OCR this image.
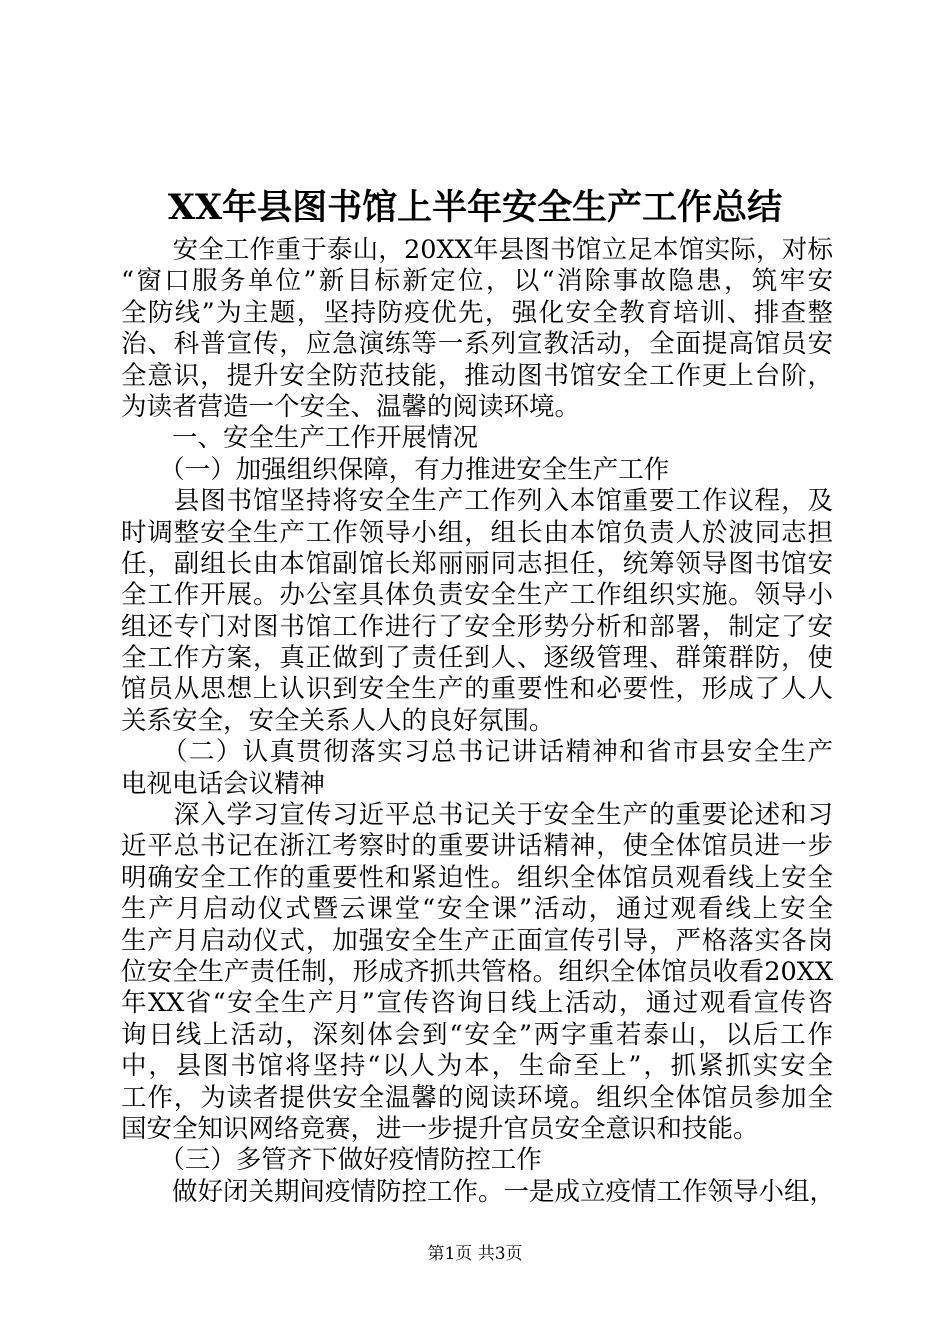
XX年县图书馆上半年安全生产工作总结
　　安全工作重于泰山，20XX年县图书馆立足本馆实际，对标
“窗口服务单位”新目标新定位，以“消除事故隐患，筑牢安
全防线”为主题，坚持防疫优先，强化安全教育培训、排查整
治、科普宣传，应急演练等一系列宣教活动，全面提高馆员安
全意识，提升安全防范技能，推动图书馆安全工作更上台阶，
为读者营造一个安全、温馨的阅读环境。
　　一、安全生产工作开展情况
　　（一）加强组织保障，有力推进安全生产工作
　　县图书馆坚持将安全生产工作列入本馆重要工作议程，及
时调整安全生产工作领导小组，组长由本馆负责人於波同志担
任，副组长由本馆副馆长郑丽丽同志担任，统筹领导图书馆安
全工作开展。办公室具体负责安全生产工作组织实施。领导小
组还专门对图书馆工作进行了安全形势分析和部署，制定了安
全工作方案，真正做到了责任到人、逐级管理、群策群防，使
馆员从思想上认识到安全生产的重要性和必要性，形成了人人
关系安全，安全关系人人的良好氛围。
　　（二）认真贯彻落实习总书记讲话精神和省市县安全生产
电视电话会议精神
　　深入学习宣传习近平总书记关于安全生产的重要论述和习
近平总书记在浙江考察时的重要讲话精神，使全体馆员进一步
明确安全工作的重要性和紧迫性。组织全体馆员观看线上安全
生产月启动仪式暨云课堂“安全课”活动，通过观看线上安全
生产月启动仪式，加强安全生产正面宣传引导，严格落实各岗
位安全生产责任制，形成齐抓共管格。组织全体馆员收看20XX
年XX省“安全生产月”宣传咨询日线上活动，通过观看宣传咨
询日线上活动，深刻体会到“安全”两字重若泰山，以后工作
中，县图书馆将坚持“以人为本，生命至上”，抓紧抓实安全
工作，为读者提供安全温馨的阅读环境。组织全体馆员参加全
国安全知识网络竞赛，进一步提升官员安全意识和技能。
　　（三）多管齐下做好疫情防控工作
　　做好闭关期间疫情防控工作。一是成立疫情工作领导小组，
第1页 共3页
